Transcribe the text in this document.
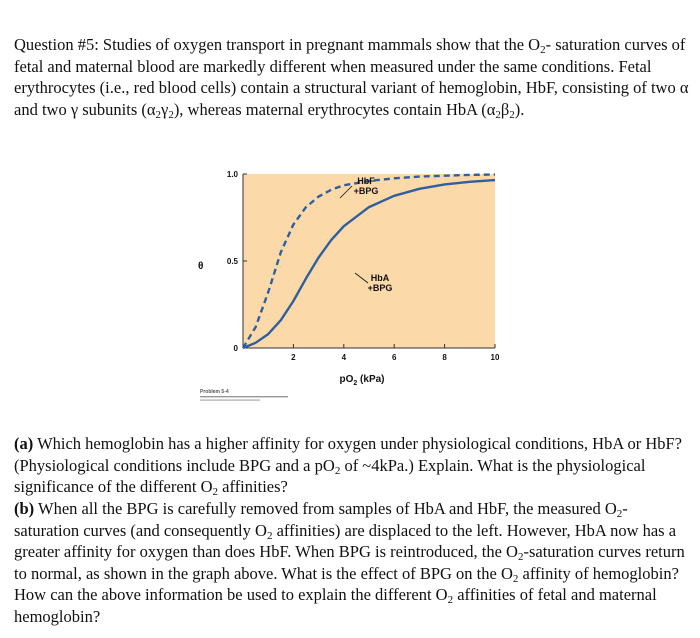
Question #5: Studies of oxygen transport in pregnant mammals show that the $O_2-$ saturation curves of fetal and maternal blood are markedly different when measured under the same conditions. Fetal erythrocytes (i.e., red blood cells) contain a structural variant of hemoglobin, HbF, consisting of two α and two γ subunits $(\alpha_2\gamma_2)$, whereas maternal erythrocytes contain HbA $(\alpha_2\beta_2)$.

2	4	6	8	10
0
0.5
1.0
HbF
+BPG
HbA
+BPG
θ
$pO_2$ (kPa)
Problem 5-4

(a) Which hemoglobin has a higher affinity for oxygen under physiological conditions, HbA or HbF? (Physiological conditions include BPG and a $pO_2$ of ~4kPa.) Explain. What is the physiological significance of the different $O_2$ affinities?

(b) When all the BPG is carefully removed from samples of HbA and HbF, the measured $O_2$-saturation curves (and consequently $O_2$ affinities) are displaced to the left. However, HbA now has a greater affinity for oxygen than does HbF. When BPG is reintroduced, the $O_2$-saturation curves return to normal, as shown in the graph above. What is the effect of BPG on the $O_2$ affinity of hemoglobin? How can the above information be used to explain the different $O_2$ affinities of fetal and maternal hemoglobin?
